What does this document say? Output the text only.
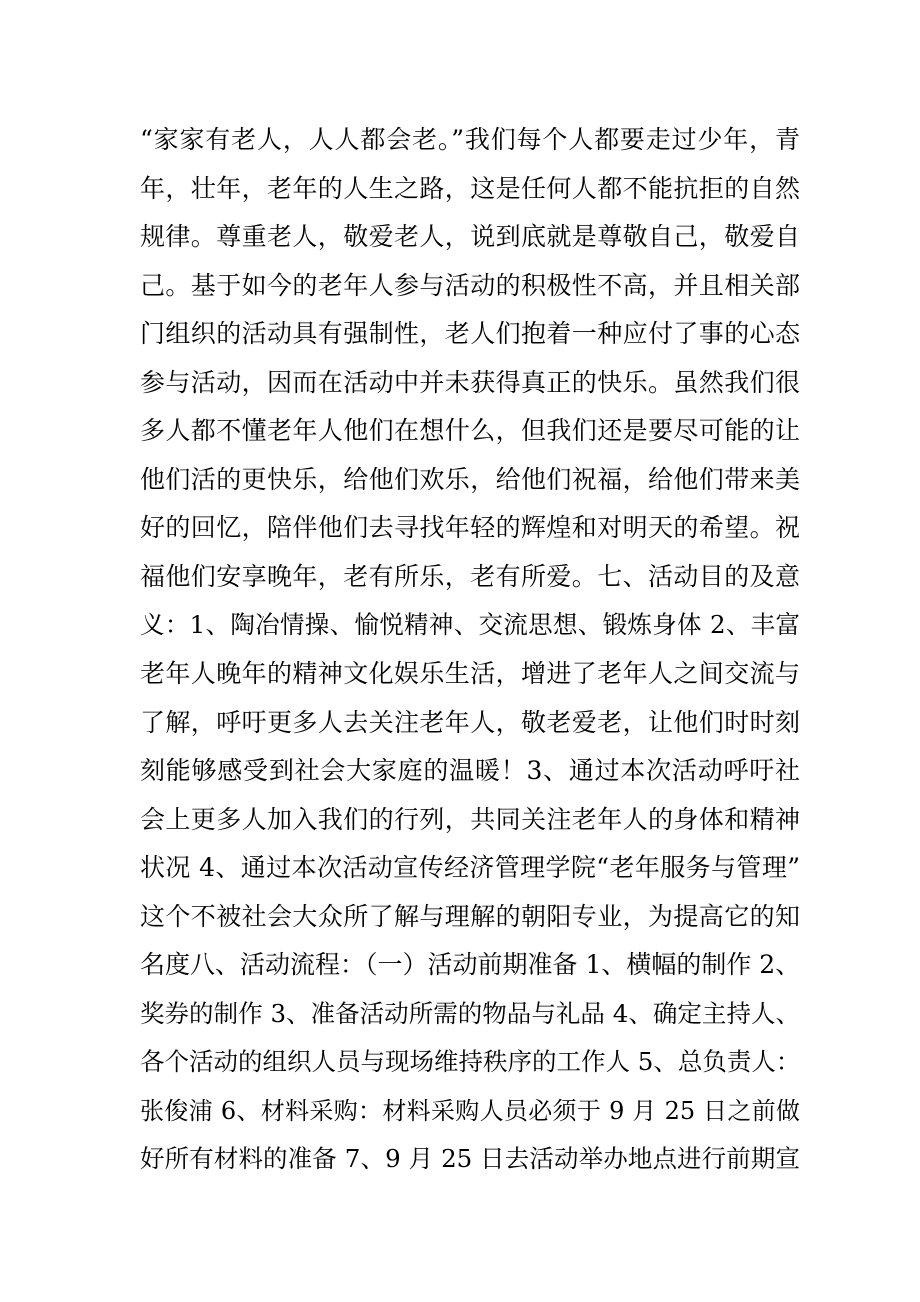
“家家有老人，人人都会老。”我们每个人都要走过少年，青
年，壮年，老年的人生之路，这是任何人都不能抗拒的自然
规律。尊重老人，敬爱老人，说到底就是尊敬自己，敬爱自
己。基于如今的老年人参与活动的积极性不高，并且相关部
门组织的活动具有强制性，老人们抱着一种应付了事的心态
参与活动，因而在活动中并未获得真正的快乐。虽然我们很
多人都不懂老年人他们在想什么，但我们还是要尽可能的让
他们活的更快乐，给他们欢乐，给他们祝福，给他们带来美
好的回忆，陪伴他们去寻找年轻的辉煌和对明天的希望。祝
福他们安享晚年，老有所乐，老有所爱。七、活动目的及意
义：1、陶冶情操、愉悦精神、交流思想、锻炼身体 2、丰富
老年人晚年的精神文化娱乐生活，增进了老年人之间交流与
了解，呼吁更多人去关注老年人，敬老爱老，让他们时时刻
刻能够感受到社会大家庭的温暖！3、通过本次活动呼吁社
会上更多人加入我们的行列，共同关注老年人的身体和精神
状况 4、通过本次活动宣传经济管理学院“老年服务与管理”
这个不被社会大众所了解与理解的朝阳专业，为提高它的知
名度八、活动流程：（一）活动前期准备 1、横幅的制作 2、
奖券的制作 3、准备活动所需的物品与礼品 4、确定主持人、
各个活动的组织人员与现场维持秩序的工作人 5、总负责人：
张俊浦 6、材料采购：材料采购人员必须于 9 月 25 日之前做
好所有材料的准备 7、9 月 25 日去活动举办地点进行前期宣
